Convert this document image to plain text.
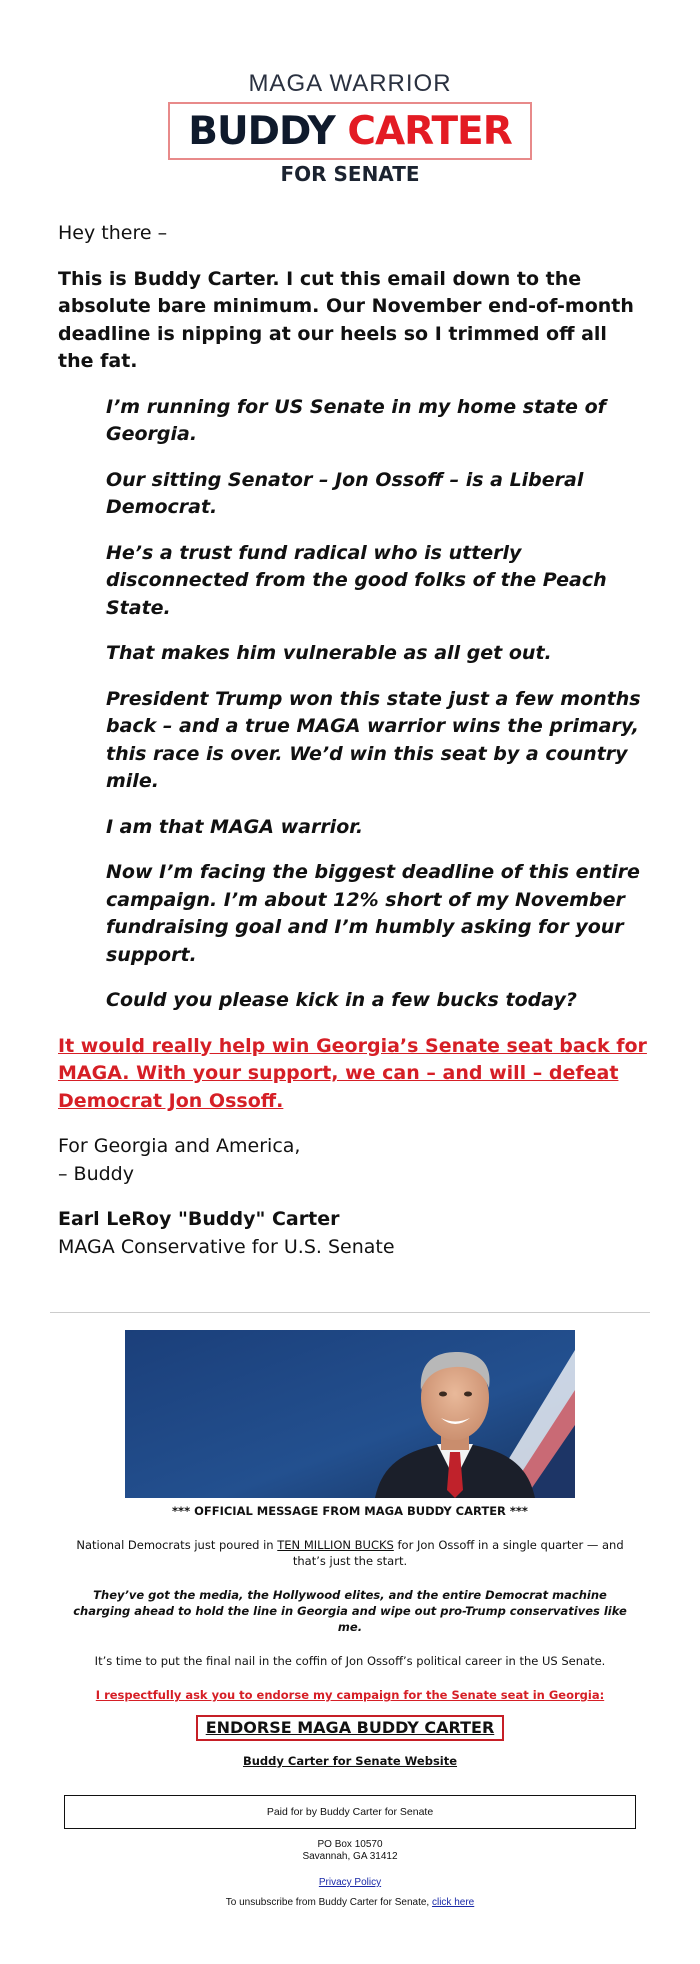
MAGA WARRIOR
BUDDY CARTER
FOR SENATE

Hey there –

This is Buddy Carter. I cut this email down to the absolute bare minimum. Our November end-of-month deadline is nipping at our heels so I trimmed off all the fat.

I’m running for US Senate in my home state of Georgia.

Our sitting Senator – Jon Ossoff – is a Liberal Democrat.

He’s a trust fund radical who is utterly disconnected from the good folks of the Peach State.

That makes him vulnerable as all get out.

President Trump won this state just a few months back – and a true MAGA warrior wins the primary, this race is over. We’d win this seat by a country mile.

I am that MAGA warrior.

Now I’m facing the biggest deadline of this entire campaign. I’m about 12% short of my November fundraising goal and I’m humbly asking for your support.

Could you please kick in a few bucks today?

It would really help win Georgia’s Senate seat back for MAGA. With your support, we can – and will – defeat Democrat Jon Ossoff.
For Georgia and America,
– Buddy
Earl LeRoy "Buddy" Carter
MAGA Conservative for U.S. Senate
*** OFFICIAL MESSAGE FROM MAGA BUDDY CARTER ***
National Democrats just poured in TEN MILLION BUCKS for Jon Ossoff in a single quarter — and that’s just the start.
They’ve got the media, the Hollywood elites, and the entire Democrat machine charging ahead to hold the line in Georgia and wipe out pro-Trump conservatives like me.
It’s time to put the final nail in the coffin of Jon Ossoff’s political career in the US Senate.
I respectfully ask you to endorse my campaign for the Senate seat in Georgia:
ENDORSE MAGA BUDDY CARTER
Buddy Carter for Senate Website
Paid for by Buddy Carter for Senate
PO Box 10570
Savannah, GA 31412
Privacy Policy
To unsubscribe from Buddy Carter for Senate, click here
